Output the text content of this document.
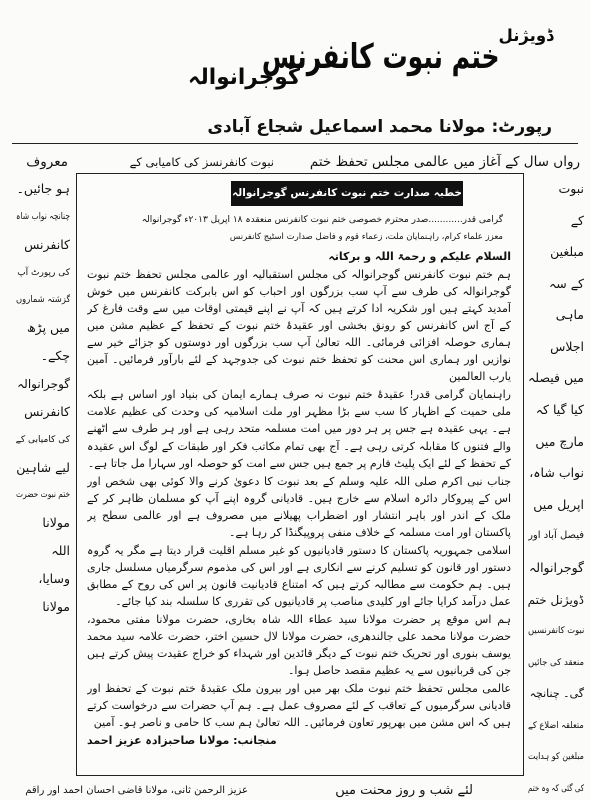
ڈویژنل
ختم نبوت کانفرنس
گوجرانوالہ
رپورٹ: مولانا محمد اسماعیل شجاع آبادی
رواں سال کے آغاز میں عالمی مجلس تحفظ ختم
نبوت کانفرنسز کی کامیابی کے
معروف
نبوت
کے
مبلغین
کے سہ
ماہی
اجلاس
میں فیصلہ
کیا گیا کہ
مارچ میں
نواب شاہ،
اپریل میں
فیصل آباد اور
گوجرانوالہ
ڈویژنل ختم
نبوت کانفرنسیں
منعقد کی جائیں
گی۔ چنانچہ
متعلقہ اضلاع کے
مبلغین کو ہدایت
کی گئی کہ وہ ختم
ہو جائیں۔
چنانچہ نواب شاہ
کانفرنس
کی رپورٹ آپ
گزشتہ شماروں
میں پڑھ
چکے۔
گوجرانوالہ
کانفرنس
کی کامیابی کے
لیے شاہین
ختم نبوت حضرت
مولانا
اللہ
وسایا،
مولانا
خطبہ صدارت ختم نبوت کانفرنس گوجرانوالہ
گرامی قدر............صدر محترم خصوصی ختم نبوت کانفرنس منعقدہ ۱۸ اپریل ۲۰۱۳ء گوجرانوالہ
معزز علماء کرام، راہنمایان ملت، زعماء قوم و فاضل صدارت اسٹیج کانفرنس

السلام علیکم و رحمۃ اللہ و برکاتہ

ہم ختم نبوت کانفرنس گوجرانوالہ کی مجلس استقبالیہ اور عالمی مجلس تحفظ ختم نبوت گوجرانوالہ کی طرف سے آپ سب بزرگوں اور احباب کو اس بابرکت کانفرنس میں خوش آمدید کہتے ہیں اور شکریہ ادا کرتے ہیں کہ آپ نے اپنے قیمتی اوقات میں سے وقت فارغ کر کے آج اس کانفرنس کو رونق بخشی اور عقیدۂ ختم نبوت کے تحفظ کے عظیم مشن میں ہماری حوصلہ افزائی فرمائی۔ اللہ تعالیٰ آپ سب بزرگوں اور دوستوں کو جزائے خیر سے نوازیں اور ہماری اس محنت کو تحفظ ختم نبوت کی جدوجہد کے لئے بارآور فرمائیں۔ آمین یارب العالمین

راہنمایان گرامی قدر! عقیدۂ ختم نبوت نہ صرف ہمارے ایمان کی بنیاد اور اساس ہے بلکہ ملی حمیت کے اظہار کا سب سے بڑا مظہر اور ملت اسلامیہ کی وحدت کی عظیم علامت ہے۔ یہی عقیدہ ہے جس پر ہر دور میں امت مسلمہ متحد رہی ہے اور ہر طرف سے اٹھنے والے فتنوں کا مقابلہ کرتی رہی ہے۔ آج بھی تمام مکاتب فکر اور طبقات کے لوگ اس عقیدہ کے تحفظ کے لئے ایک پلیٹ فارم پر جمع ہیں جس سے امت کو حوصلہ اور سہارا مل جاتا ہے۔

جناب نبی اکرم صلی اللہ علیہ وسلم کے بعد نبوت کا دعویٰ کرنے والا کوئی بھی شخص اور اس کے پیروکار دائرہ اسلام سے خارج ہیں۔ قادیانی گروہ اپنے آپ کو مسلمان ظاہر کر کے ملک کے اندر اور باہر انتشار اور اضطراب پھیلانے میں مصروف ہے اور عالمی سطح پر پاکستان اور امت مسلمہ کے خلاف منفی پروپیگنڈا کر رہا ہے۔

اسلامی جمہوریہ پاکستان کا دستور قادیانیوں کو غیر مسلم اقلیت قرار دیتا ہے مگر یہ گروہ دستور اور قانون کو تسلیم کرنے سے انکاری ہے اور اس کی مذموم سرگرمیاں مسلسل جاری ہیں۔ ہم حکومت سے مطالبہ کرتے ہیں کہ امتناع قادیانیت قانون پر اس کی روح کے مطابق عمل درآمد کرایا جائے اور کلیدی مناصب پر قادیانیوں کی تقرری کا سلسلہ بند کیا جائے۔

ہم اس موقع پر حضرت مولانا سید عطاء اللہ شاہ بخاری، حضرت مولانا مفتی محمود، حضرت مولانا محمد علی جالندھری، حضرت مولانا لال حسین اختر، حضرت علامہ سید محمد یوسف بنوری اور تحریک ختم نبوت کے دیگر قائدین اور شہداء کو خراج عقیدت پیش کرتے ہیں جن کی قربانیوں سے یہ عظیم مقصد حاصل ہوا۔

عالمی مجلس تحفظ ختم نبوت ملک بھر میں اور بیرون ملک عقیدۂ ختم نبوت کے تحفظ اور قادیانی سرگرمیوں کے تعاقب کے لئے مصروف عمل ہے۔ ہم آپ حضرات سے درخواست کرتے ہیں کہ اس مشن میں بھرپور تعاون فرمائیں۔ اللہ تعالیٰ ہم سب کا حامی و ناصر ہو۔ آمین

منجانب: مولانا صاحبزادہ عزیز احمد

لئے شب و روز محنت میں
عزیز الرحمن ثانی، مولانا قاضی احسان احمد اور راقم
